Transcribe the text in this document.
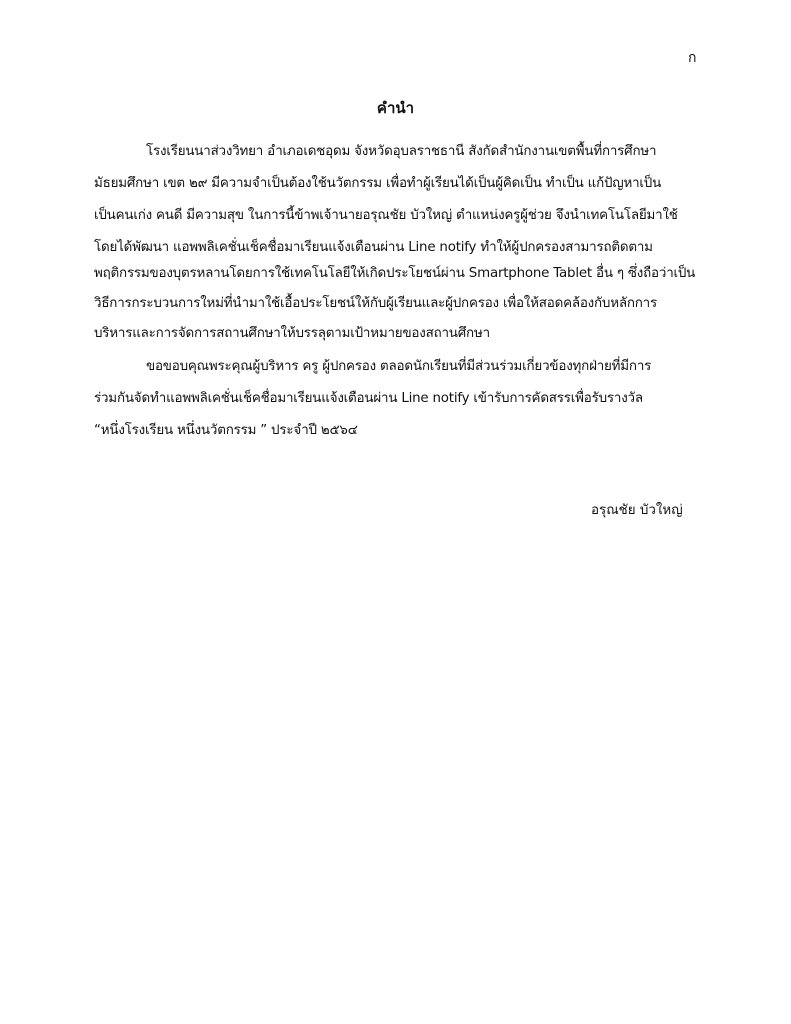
ก
คำนำ
โรงเรียนนาส่วงวิทยา อำเภอเดชอุดม จังหวัดอุบลราชธานี สังกัดสำนักงานเขตพื้นที่การศึกษา
มัธยมศึกษา เขต ๒๙ มีความจำเป็นต้องใช้นวัตกรรม เพื่อทำผู้เรียนได้เป็นผู้คิดเป็น ทำเป็น แก้ปัญหาเป็น
เป็นคนเก่ง คนดี มีความสุข ในการนี้ข้าพเจ้านายอรุณชัย บัวใหญ่ ตำแหน่งครูผู้ช่วย จึงนำเทคโนโลยีมาใช้
โดยได้พัฒนา แอพพลิเคชั่นเช็คชื่อมาเรียนแจ้งเตือนผ่าน Line notify ทำให้ผู้ปกครองสามารถติดตาม
พฤติกรรมของบุตรหลานโดยการใช้เทคโนโลยีให้เกิดประโยชน์ผ่าน Smartphone Tablet อื่น ๆ ซึ่งถือว่าเป็น
วิธีการกระบวนการใหม่ที่นำมาใช้เอื้อประโยชน์ให้กับผู้เรียนและผู้ปกครอง เพื่อให้สอดคล้องกับหลักการ
บริหารและการจัดการสถานศึกษาให้บรรลุตามเป้าหมายของสถานศึกษา
ขอขอบคุณพระคุณผู้บริหาร ครู ผู้ปกครอง ตลอดนักเรียนที่มีส่วนร่วมเกี่ยวข้องทุกฝ่ายที่มีการ
ร่วมกันจัดทำแอพพลิเคชั่นเช็คชื่อมาเรียนแจ้งเตือนผ่าน Line notify เข้ารับการคัดสรรเพื่อรับรางวัล
“หนึ่งโรงเรียน หนึ่งนวัตกรรม ” ประจำปี ๒๕๖๔
อรุณชัย บัวใหญ่
